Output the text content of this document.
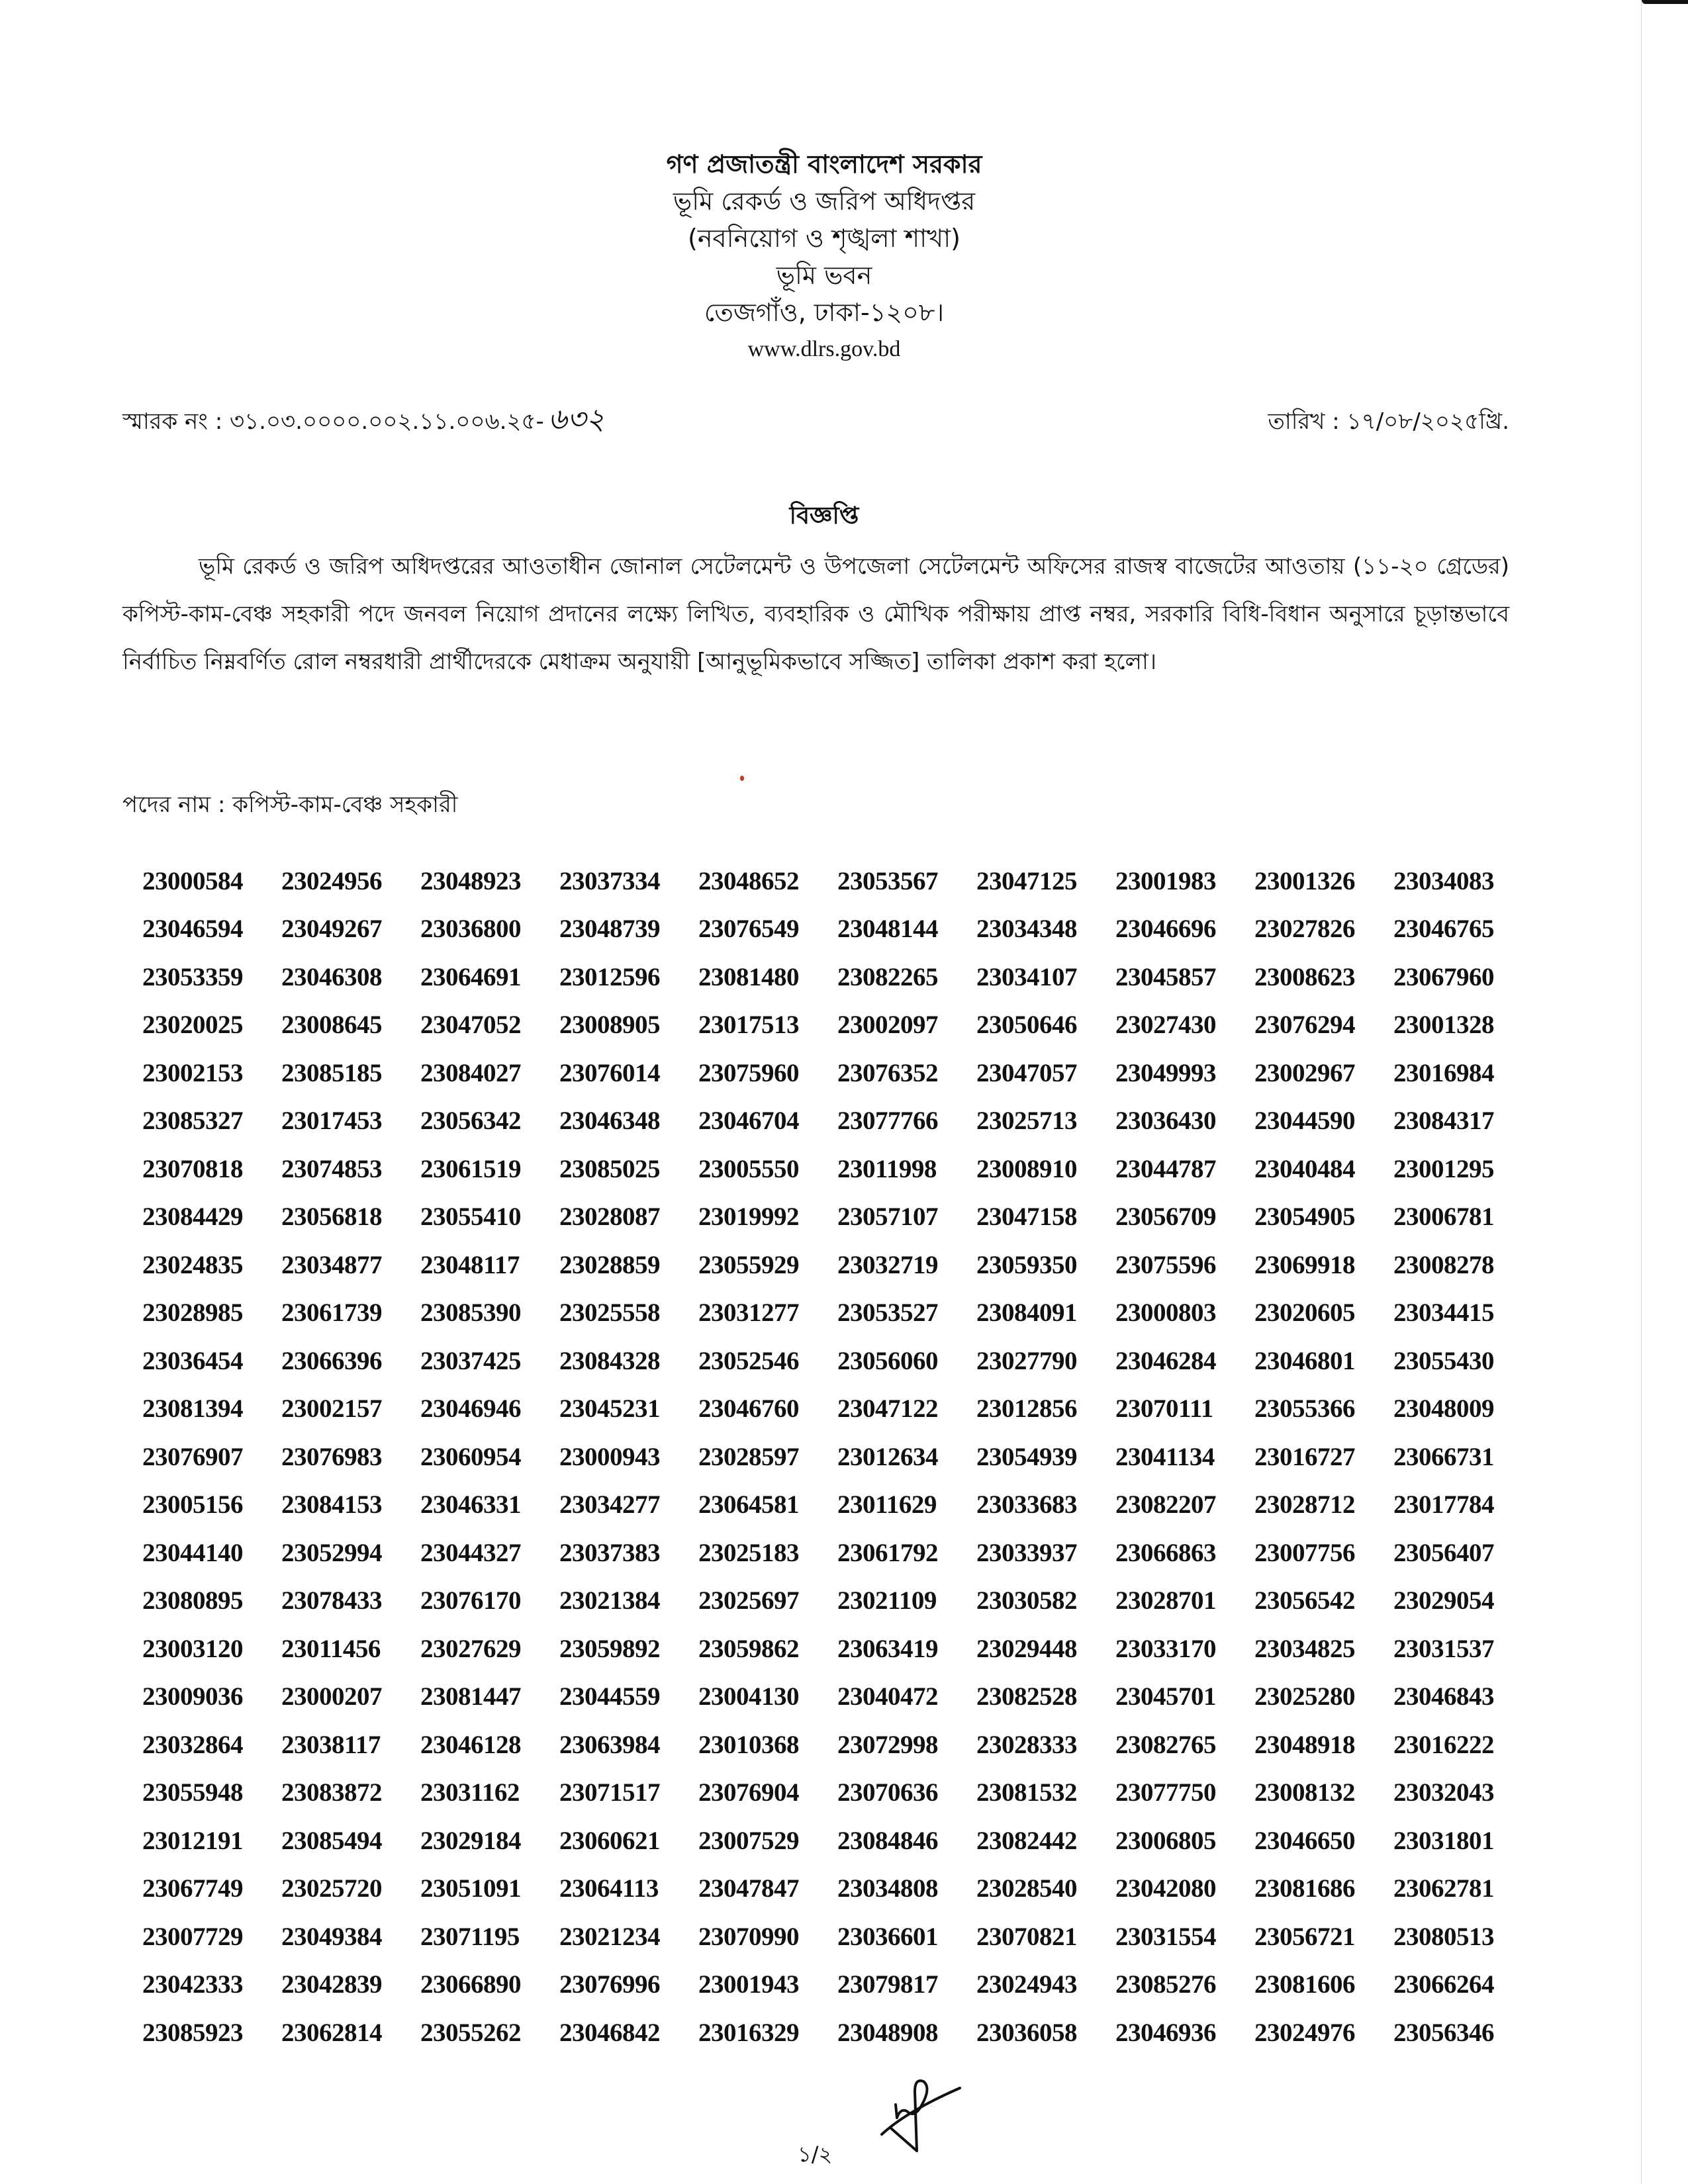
গণ প্রজাতন্ত্রী বাংলাদেশ সরকার
ভূমি রেকর্ড ও জরিপ অধিদপ্তর
(নবনিয়োগ ও শৃঙ্খলা শাখা)
ভূমি ভবন
তেজগাঁও, ঢাকা-১২০৮।
www.dlrs.gov.bd
স্মারক নং : ৩১.০৩.০০০০.০০২.১১.০০৬.২৫- ৬৩২	তারিখ : ১৭/০৮/২০২৫খ্রি.
বিজ্ঞপ্তি
ভূমি রেকর্ড ও জরিপ অধিদপ্তরের আওতাধীন জোনাল সেটেলমেন্ট ও উপজেলা সেটেলমেন্ট অফিসের রাজস্ব বাজেটের আওতায় (১১-২০ গ্রেডের) কপিস্ট-কাম-বেঞ্চ সহকারী পদে জনবল নিয়োগ প্রদানের লক্ষ্যে লিখিত, ব্যবহারিক ও মৌখিক পরীক্ষায় প্রাপ্ত নম্বর, সরকারি বিধি-বিধান অনুসারে চূড়ান্তভাবে নির্বাচিত নিম্নবর্ণিত রোল নম্বরধারী প্রার্থীদেরকে মেধাক্রম অনুযায়ী [আনুভূমিকভাবে সজ্জিত] তালিকা প্রকাশ করা হলো।
পদের নাম : কপিস্ট-কাম-বেঞ্চ সহকারী
23000584	23024956	23048923	23037334	23048652	23053567	23047125	23001983	23001326	23034083
23046594	23049267	23036800	23048739	23076549	23048144	23034348	23046696	23027826	23046765
23053359	23046308	23064691	23012596	23081480	23082265	23034107	23045857	23008623	23067960
23020025	23008645	23047052	23008905	23017513	23002097	23050646	23027430	23076294	23001328
23002153	23085185	23084027	23076014	23075960	23076352	23047057	23049993	23002967	23016984
23085327	23017453	23056342	23046348	23046704	23077766	23025713	23036430	23044590	23084317
23070818	23074853	23061519	23085025	23005550	23011998	23008910	23044787	23040484	23001295
23084429	23056818	23055410	23028087	23019992	23057107	23047158	23056709	23054905	23006781
23024835	23034877	23048117	23028859	23055929	23032719	23059350	23075596	23069918	23008278
23028985	23061739	23085390	23025558	23031277	23053527	23084091	23000803	23020605	23034415
23036454	23066396	23037425	23084328	23052546	23056060	23027790	23046284	23046801	23055430
23081394	23002157	23046946	23045231	23046760	23047122	23012856	23070111	23055366	23048009
23076907	23076983	23060954	23000943	23028597	23012634	23054939	23041134	23016727	23066731
23005156	23084153	23046331	23034277	23064581	23011629	23033683	23082207	23028712	23017784
23044140	23052994	23044327	23037383	23025183	23061792	23033937	23066863	23007756	23056407
23080895	23078433	23076170	23021384	23025697	23021109	23030582	23028701	23056542	23029054
23003120	23011456	23027629	23059892	23059862	23063419	23029448	23033170	23034825	23031537
23009036	23000207	23081447	23044559	23004130	23040472	23082528	23045701	23025280	23046843
23032864	23038117	23046128	23063984	23010368	23072998	23028333	23082765	23048918	23016222
23055948	23083872	23031162	23071517	23076904	23070636	23081532	23077750	23008132	23032043
23012191	23085494	23029184	23060621	23007529	23084846	23082442	23006805	23046650	23031801
23067749	23025720	23051091	23064113	23047847	23034808	23028540	23042080	23081686	23062781
23007729	23049384	23071195	23021234	23070990	23036601	23070821	23031554	23056721	23080513
23042333	23042839	23066890	23076996	23001943	23079817	23024943	23085276	23081606	23066264
23085923	23062814	23055262	23046842	23016329	23048908	23036058	23046936	23024976	23056346
১/২
